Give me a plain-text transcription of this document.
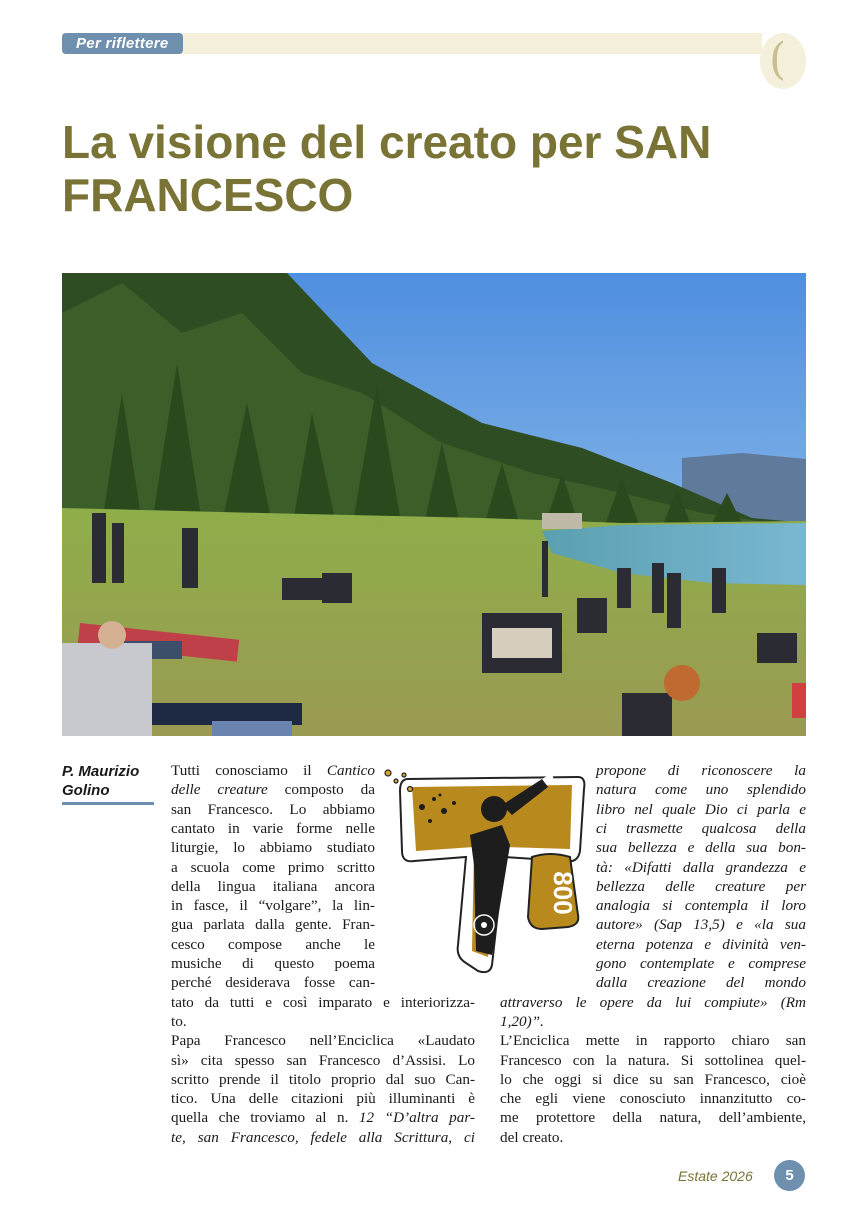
Per riflettere	(
La visione del creato per SAN
FRANCESCO
P. Maurizio Golino
Tutti conosciamo il Cantico
delle creature composto da
san Francesco. Lo abbiamo
cantato in varie forme nelle
liturgie, lo abbiamo studiato
a scuola come primo scritto
della lingua italiana ancora
in fasce, il “volgare”, la lin-
gua parlata dalla gente. Fran-
cesco compose anche le
musiche di questo poema
perché desiderava fosse can-
tato da tutti e così imparato e interiorizza-
to.
Papa Francesco nell’Enciclica «Laudato
sì» cita spesso san Francesco d’Assisi. Lo
scritto prende il titolo proprio dal suo Can-
tico. Una delle citazioni più illuminanti è
quella che troviamo al n. 12 “D’altra par-
te, san Francesco, fedele alla Scrittura, ci
propone di riconoscere la
natura come uno splendido
libro nel quale Dio ci parla e
ci trasmette qualcosa della
sua bellezza e della sua bon-
tà: «Difatti dalla grandezza e
bellezza delle creature per
analogia si contempla il loro
autore» (Sap 13,5) e «la sua
eterna potenza e divinità ven-
gono contemplate e comprese
dalla creazione del mondo
attraverso le opere da lui compiute» (Rm
1,20)”.
L’Enciclica mette in rapporto chiaro san
Francesco con la natura. Si sottolinea quel-
lo che oggi si dice su san Francesco, cioè
che egli viene conosciuto innanzitutto co-
me protettore della natura, dell’ambiente,
del creato.
800
Estate 2026	5
